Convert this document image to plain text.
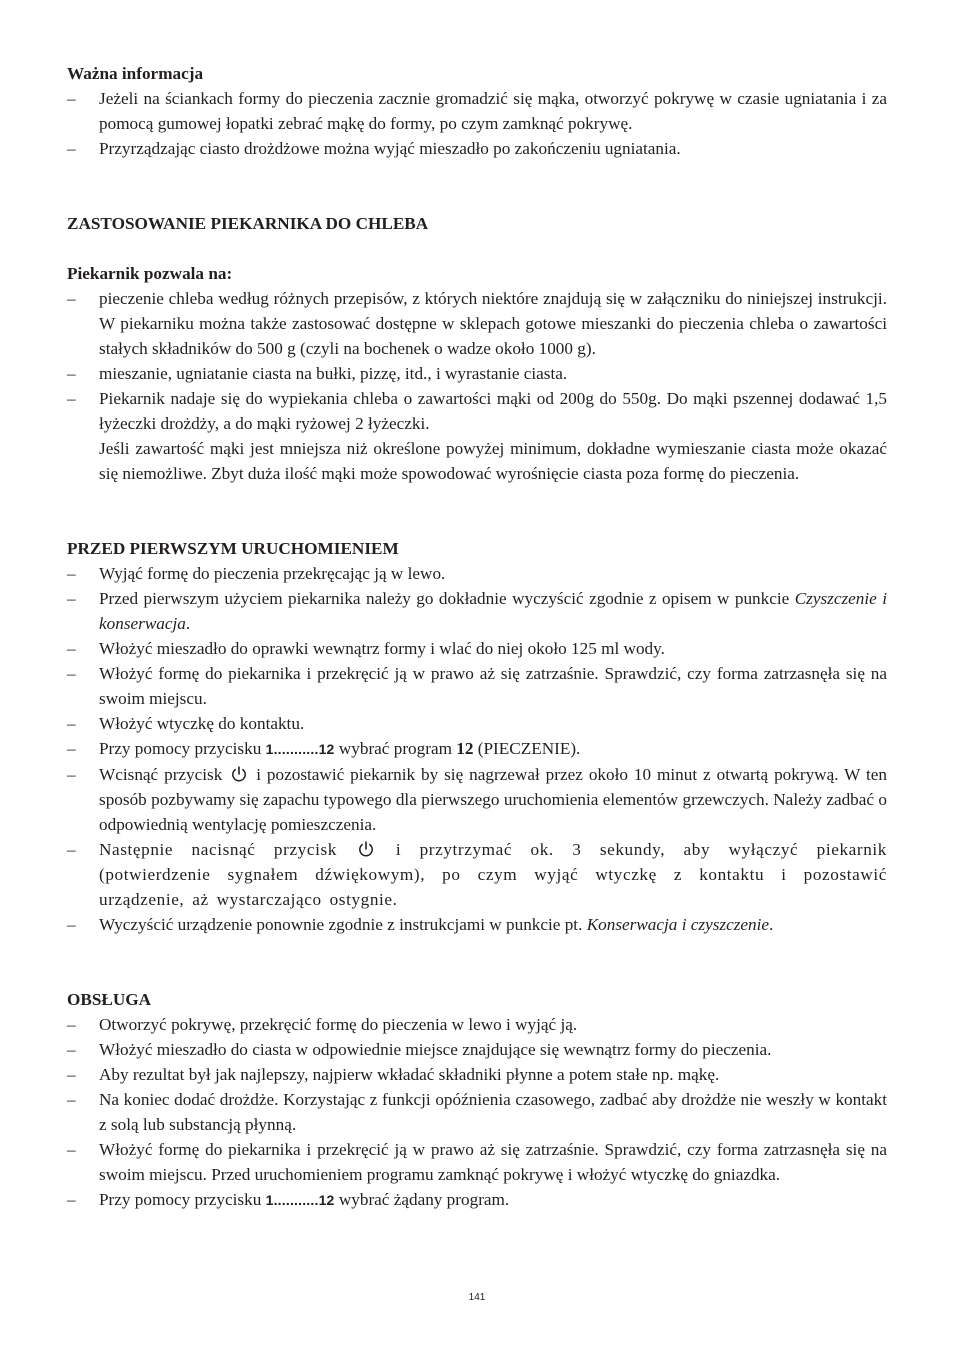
Ważna informacja

– Jeżeli na ściankach formy do pieczenia zacznie gromadzić się mąka, otworzyć pokrywę w czasie ugniatania i za pomocą gumowej łopatki zebrać mąkę do formy, po czym zamknąć pokrywę.
– Przyrządzając ciasto drożdżowe można wyjąć mieszadło po zakończeniu ugniatania.

ZASTOSOWANIE PIEKARNIKA DO CHLEBA

Piekarnik pozwala na:

– pieczenie chleba według różnych przepisów, z których niektóre znajdują się w załączniku do niniejszej instrukcji. W piekarniku można także zastosować dostępne w sklepach gotowe mieszanki do pieczenia chleba o zawartości stałych składników do 500 g (czyli na bochenek o wadze około 1000 g).
– mieszanie, ugniatanie ciasta na bułki, pizzę, itd., i wyrastanie ciasta.
– Piekarnik nadaje się do wypiekania chleba o zawartości mąki od 200g do 550g. Do mąki pszennej dodawać 1,5 łyżeczki drożdży, a do mąki ryżowej 2 łyżeczki.
Jeśli zawartość mąki jest mniejsza niż określone powyżej minimum, dokładne wymieszanie ciasta może okazać się niemożliwe. Zbyt duża ilość mąki może spowodować wyrośnięcie ciasta poza formę do pieczenia.

PRZED PIERWSZYM URUCHOMIENIEM

– Wyjąć formę do pieczenia przekręcając ją w lewo.
– Przed pierwszym użyciem piekarnika należy go dokładnie wyczyścić zgodnie z opisem w punkcie Czyszczenie i konserwacja.
– Włożyć mieszadło do oprawki wewnątrz formy i wlać do niej około 125 ml wody.
– Włożyć formę do piekarnika i przekręcić ją w prawo aż się zatrzaśnie. Sprawdzić, czy forma zatrzasnęła się na swoim miejscu.
– Włożyć wtyczkę do kontaktu.
– Przy pomocy przycisku 1...........12 wybrać program 12 (PIECZENIE).
– Wcisnąć przycisk  i pozostawić piekarnik by się nagrzewał przez około 10 minut z otwartą pokrywą. W ten sposób pozbywamy się zapachu typowego dla pierwszego uruchomienia elementów grzewczych. Należy zadbać o odpowiednią wentylację pomieszczenia.
– Następnie nacisnąć przycisk  i przytrzymać ok. 3 sekundy, aby wyłączyć piekarnik (potwierdzenie sygnałem dźwiękowym), po czym wyjąć wtyczkę z kontaktu i pozostawić urządzenie, aż wystarczająco ostygnie.
– Wyczyścić urządzenie ponownie zgodnie z instrukcjami w punkcie pt. Konserwacja i czyszczenie.

OBSŁUGA

– Otworzyć pokrywę, przekręcić formę do pieczenia w lewo i wyjąć ją.
– Włożyć mieszadło do ciasta w odpowiednie miejsce znajdujące się wewnątrz formy do pieczenia.
– Aby rezultat był jak najlepszy, najpierw wkładać składniki płynne a potem stałe np. mąkę.
– Na koniec dodać drożdże. Korzystając z funkcji opóźnienia czasowego, zadbać aby drożdże nie weszły w kontakt z solą lub substancją płynną.
– Włożyć formę do piekarnika i przekręcić ją w prawo aż się zatrzaśnie. Sprawdzić, czy forma zatrzasnęła się na swoim miejscu. Przed uruchomieniem programu zamknąć pokrywę i włożyć wtyczkę do gniazdka.
– Przy pomocy przycisku 1...........12 wybrać żądany program.
141
